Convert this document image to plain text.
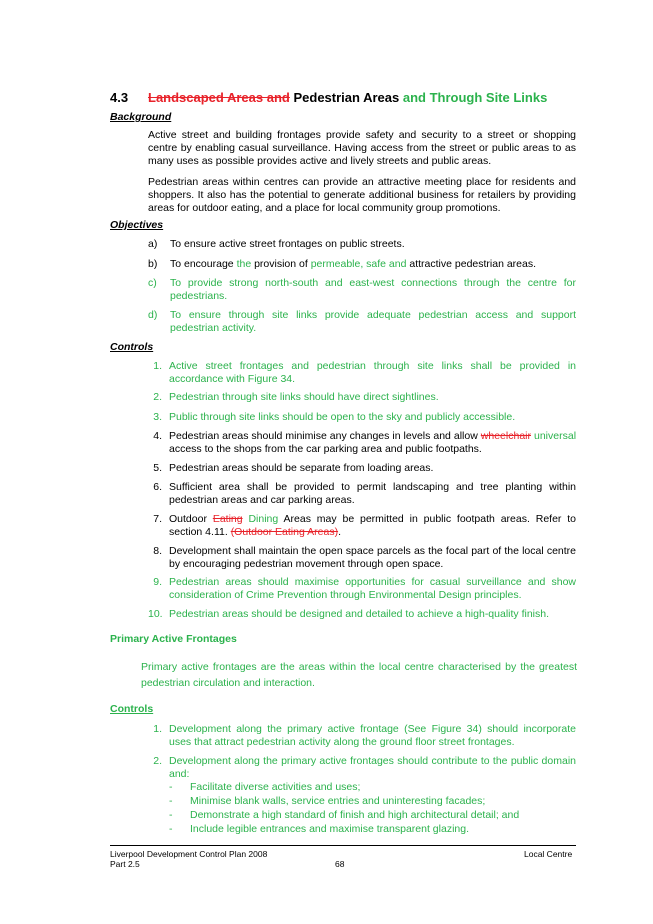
4.3 Landscaped Areas and Pedestrian Areas and Through Site Links
Background
Active street and building frontages provide safety and security to a street or shopping centre by enabling casual surveillance. Having access from the street or public areas to as many uses as possible provides active and lively streets and public areas.
Pedestrian areas within centres can provide an attractive meeting place for residents and shoppers. It also has the potential to generate additional business for retailers by providing areas for outdoor eating, and a place for local community group promotions.
Objectives
a) To ensure active street frontages on public streets.
b) To encourage the provision of permeable, safe and attractive pedestrian areas.
c) To provide strong north-south and east-west connections through the centre for pedestrians.
d) To ensure through site links provide adequate pedestrian access and support pedestrian activity.
Controls
1. Active street frontages and pedestrian through site links shall be provided in accordance with Figure 34.
2. Pedestrian through site links should have direct sightlines.
3. Public through site links should be open to the sky and publicly accessible.
4. Pedestrian areas should minimise any changes in levels and allow wheelchair universal access to the shops from the car parking area and public footpaths.
5. Pedestrian areas should be separate from loading areas.
6. Sufficient area shall be provided to permit landscaping and tree planting within pedestrian areas and car parking areas.
7. Outdoor Eating Dining Areas may be permitted in public footpath areas. Refer to section 4.11. (Outdoor Eating Areas).
8. Development shall maintain the open space parcels as the focal part of the local centre by encouraging pedestrian movement through open space.
9. Pedestrian areas should maximise opportunities for casual surveillance and show consideration of Crime Prevention through Environmental Design principles.
10. Pedestrian areas should be designed and detailed to achieve a high-quality finish.
Primary Active Frontages
Primary active frontages are the areas within the local centre characterised by the greatest pedestrian circulation and interaction.
Controls
1. Development along the primary active frontage (See Figure 34) should incorporate uses that attract pedestrian activity along the ground floor street frontages.
2. Development along the primary active frontages should contribute to the public domain and:
- Facilitate diverse activities and uses;
- Minimise blank walls, service entries and uninteresting facades;
- Demonstrate a high standard of finish and high architectural detail; and
- Include legible entrances and maximise transparent glazing.
Liverpool Development Control Plan 2008
Part 2.5	68
Local Centre
